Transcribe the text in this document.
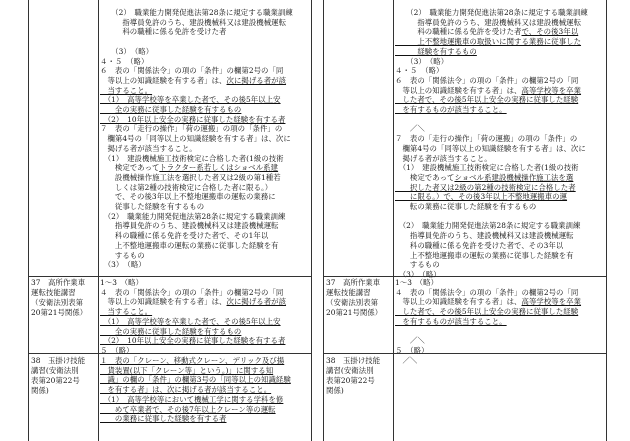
　　（2）　職業能力開発促進法第28条に規定する職業訓練
　　　指導員免許のうち、建設機械科又は建設機械運転
　　　科の職種に係る免許を受けた者
　　（3）　（略）
４・５　（略）
６　表の「関係法令」の項の「条件」の欄第2号の「同
　等以上の知識経験を有する者」は、次に掲げる者が該
　当すること。
　（1）　高等学校等を卒業した者で、その後5年以上安
　　全の実務に従事した経験を有するもの
　（2）　10年以上安全の実務に従事した経験を有する者
７　表の「走行の操作」「荷の運搬」の項の「条件」の
　欄第4号の「同等以上の知識経験を有する者」は、次に
　掲げる者が該当すること。
　（1）　建設機械施工技術検定に合格した者(1級の技術
　　検定であってトラクター系若しくはショベル系建
　　設機械操作施工法を選択した者又は2級の第1種若
　　しくは第2種の技術検定に合格した者に限る。）
　　で、その後3年以上不整地運搬車の運転の業務に
　　従事した経験を有するもの
　（2）　職業能力開発促進法第28条に規定する職業訓練
　　指導員免許のうち、建設機械科又は建設機械運転
　　科の職種に係る免許を受けた者で、その1年以
　　上不整地運搬車の運転の業務に従事した経験を有
　　するもの
　（3）　（略）
37　高所作業車
運転技能講習
（安衛法別表第
20第21号関係）
1〜3　（略）
４　表の「関係法令」の項の「条件」の欄第2号の「同
　等以上の知識経験を有する者」は、次に掲げる者が該
　当すること。
　（1）　高等学校等を卒業した者で、その後5年以上安
　　全の実務に従事した経験を有するもの
　（2）　10年以上安全の実務に従事した経験を有する者
５　（略）
38　玉掛け技能
講習(安衛法別
表第20第22号
関係)
１　表の「クレーン、移動式クレーン、デリック及び揚
　貨装置(以下「クレーン等」という。)」に関する知
　識」の欄の「条件」の欄第3号の「同等以上の知識経験
　を有する者」は、次に掲げる者が該当すること。
　（1）　高等学校等において機械工学に関する学科を修
　　めて卒業者で、その後7年以上クレーン等の運転
　　の業務に従事した経験を有する者
　　（2）　職業能力開発促進法第28条に規定する職業訓練
　　　指導員免許のうち、建設機械科又は建設機械運転
　　　科の職種に係る免許を受けた者で、その後3年以
　　　上不整地運搬車の取扱いに関する業務に従事した
　　　経験を有するもの
　　（3）　（略）
４・５　（略）
６　表の「関係法令」の項の「条件」の欄第2号の「同
　等以上の知識経験を有する者」は、高等学校等を卒業
　した者で、その後5年以上安全の実務に従事した経験
　を有するものが該当すること。
　　／＼
７　表の「走行の操作」「荷の運搬」の項の「条件」の
　欄第4号の「同等以上の知識経験を有する者」は、次に
　掲げる者が該当すること。
　（1）　建設機械施工技術検定に合格した者(1級の技術
　　検定であってショベル系建設機械操作施工法を選
　　択した者又は2級の第2種の技術検定に合格した者
　　に限る。）で、その後3年以上不整地運搬車の運
　　転の業務に従事した経験を有するもの
　（2）　職業能力開発促進法第28条に規定する職業訓練
　　指導員免許のうち、建設機械科又は建設機械運転
　　科の職種に係る免許を受けた者で、その3年以
　　上不整地運搬車の運転の業務に従事した経験を有
　　するもの
　（3）　（略）
37　高所作業車
運転技能講習
（安衛法別表第
20第21号関係）
1〜3　（略）
４　表の「関係法令」の項の「条件」の欄第2号の「同
　等以上の知識経験を有する者」は、高等学校等を卒業
　した者で、その後5年以上安全の実務に従事した経験
　を有するものが該当すること。
　　／＼
５　（略）
38　玉掛け技能
講習(安衛法別
表第20第22号
関係)
　／＼
